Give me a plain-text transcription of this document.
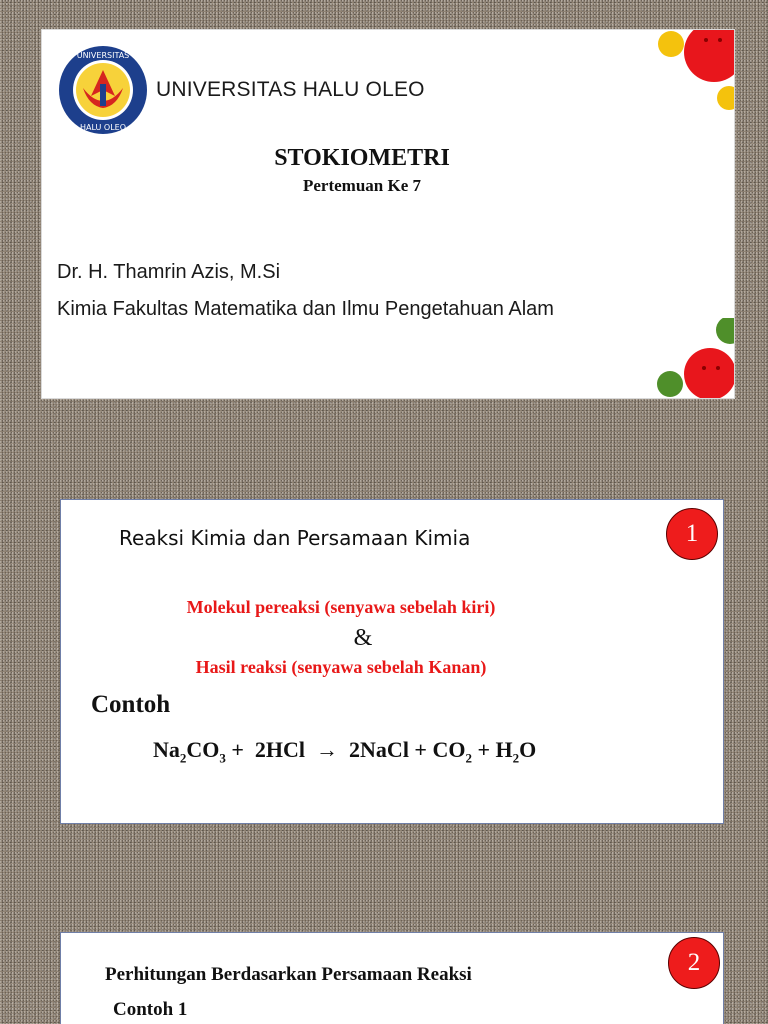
UNIVERSITAS
HALU OLEO
UNIVERSITAS HALU OLEO
STOKIOMETRI
Pertemuan Ke 7
Dr. H. Thamrin Azis, M.Si
Kimia Fakultas Matematika dan Ilmu Pengetahuan Alam
1
Reaksi Kimia dan Persamaan Kimia
Molekul pereaksi (senyawa sebelah kiri)
&
Hasil reaksi (senyawa sebelah Kanan)
Contoh
$Na_2CO_3 + 2HCl$  →  2NaCl + $CO_2 + H_2O$
2
Perhitungan Berdasarkan Persamaan Reaksi
Contoh 1
